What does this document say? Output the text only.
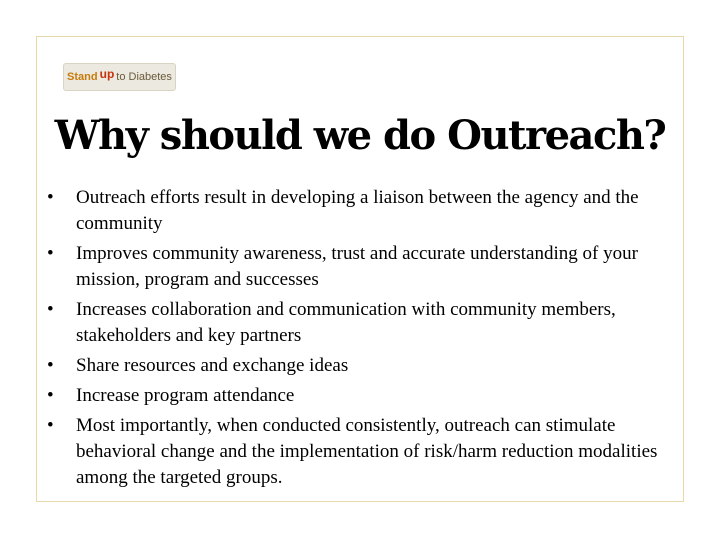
Stand up to Diabetes
Why should we do Outreach?
• Outreach efforts result in developing a liaison between the agency and the community
• Improves community awareness, trust and accurate understanding of your mission, program and successes
• Increases collaboration and communication with community members, stakeholders and key partners
• Share resources and exchange ideas
• Increase program attendance
• Most importantly, when conducted consistently, outreach can stimulate behavioral change and the implementation of risk/harm reduction modalities among the targeted groups.
